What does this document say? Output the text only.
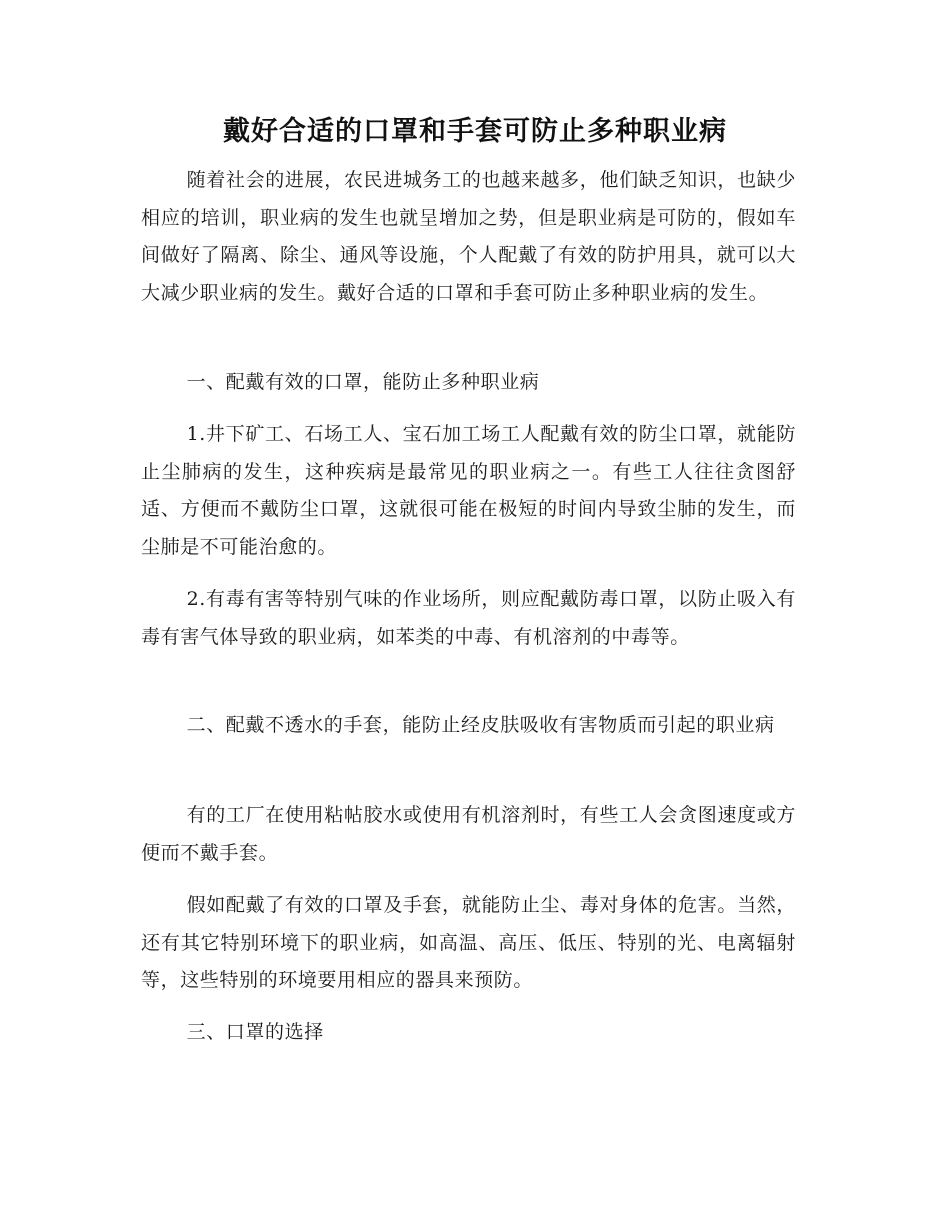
戴好合适的口罩和手套可防止多种职业病

随着社会的进展，农民进城务工的也越来越多，他们缺乏知识，也缺少相应的培训，职业病的发生也就呈增加之势，但是职业病是可防的，假如车间做好了隔离、除尘、通风等设施，个人配戴了有效的防护用具，就可以大大减少职业病的发生。戴好合适的口罩和手套可防止多种职业病的发生。

一、配戴有效的口罩，能防止多种职业病

1.井下矿工、石场工人、宝石加工场工人配戴有效的防尘口罩，就能防止尘肺病的发生，这种疾病是最常见的职业病之一。有些工人往往贪图舒适、方便而不戴防尘口罩，这就很可能在极短的时间内导致尘肺的发生，而尘肺是不可能治愈的。

2.有毒有害等特别气味的作业场所，则应配戴防毒口罩，以防止吸入有毒有害气体导致的职业病，如苯类的中毒、有机溶剂的中毒等。

二、配戴不透水的手套，能防止经皮肤吸收有害物质而引起的职业病

有的工厂在使用粘帖胶水或使用有机溶剂时，有些工人会贪图速度或方便而不戴手套。

假如配戴了有效的口罩及手套，就能防止尘、毒对身体的危害。当然，还有其它特别环境下的职业病，如高温、高压、低压、特别的光、电离辐射等，这些特别的环境要用相应的器具来预防。

三、口罩的选择
